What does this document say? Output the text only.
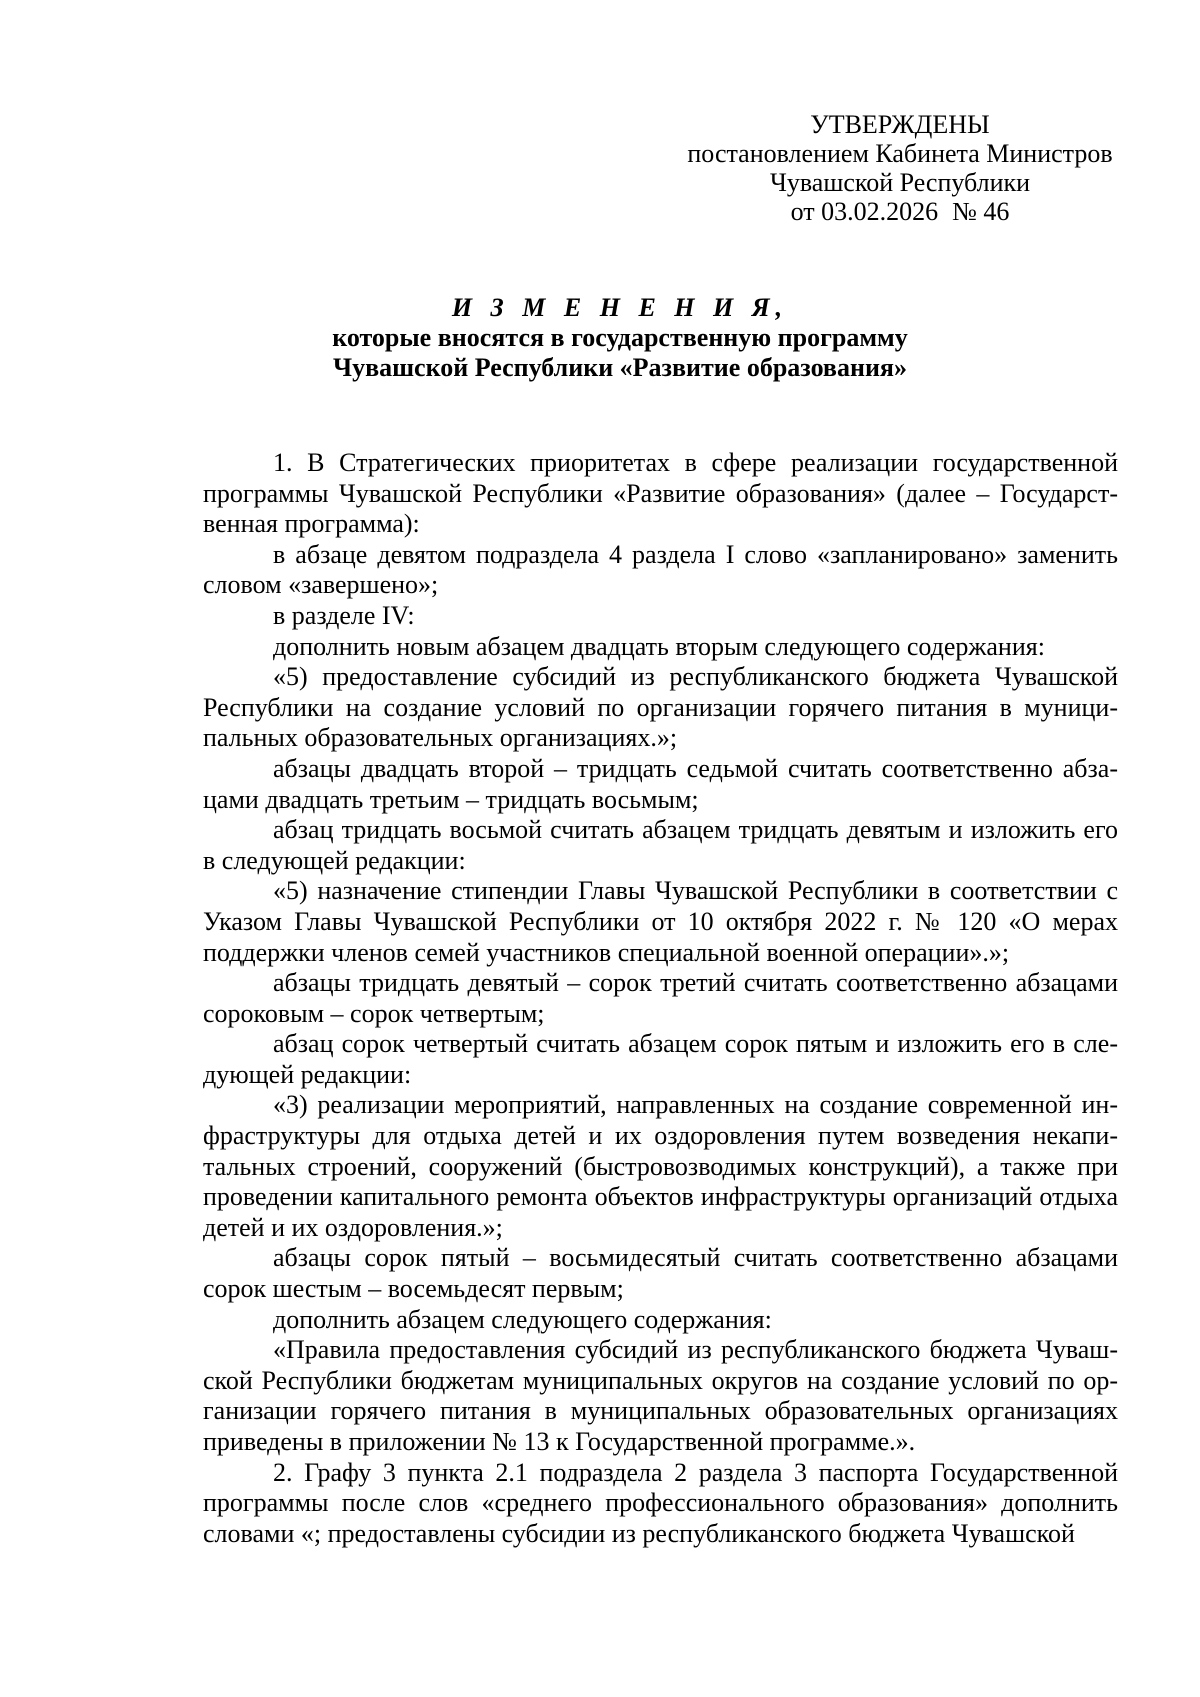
УТВЕРЖДЕНЫ
постановлением Кабинета Министров
Чувашской Республики
от 03.02.2026 № 46
И З М Е Н Е Н И Я,
которые вносятся в государственную программу
Чувашской Республики «Развитие образования»

1. В Стратегических приоритетах в сфере реализации государственной программы Чувашской Республики «Развитие образования» (далее – Государственная программа):

в абзаце девятом подраздела 4 раздела I слово «запланировано» заменить словом «завершено»;

в разделе IV:

дополнить новым абзацем двадцать вторым следующего содержания:

«5) предоставление субсидий из республиканского бюджета Чувашской Республики на создание условий по организации горячего питания в муниципальных образовательных организациях.»;

абзацы двадцать второй – тридцать седьмой считать соответственно абзацами двадцать третьим – тридцать восьмым;

абзац тридцать восьмой считать абзацем тридцать девятым и изложить его в следующей редакции:

«5) назначение стипендии Главы Чувашской Республики в соответствии с Указом Главы Чувашской Республики от 10 октября 2022 г. № 120 «О мерах поддержки членов семей участников специальной военной операции».»;

абзацы тридцать девятый – сорок третий считать соответственно абзацами сороковым – сорок четвертым;

абзац сорок четвертый считать абзацем сорок пятым и изложить его в следующей редакции:

«3) реализации мероприятий, направленных на создание современной инфраструктуры для отдыха детей и их оздоровления путем возведения некапитальных строений, сооружений (быстровозводимых конструкций), а также при проведении капитального ремонта объектов инфраструктуры организаций отдыха детей и их оздоровления.»;

абзацы сорок пятый – восьмидесятый считать соответственно абзацами сорок шестым – восемьдесят первым;

дополнить абзацем следующего содержания:

«Правила предоставления субсидий из республиканского бюджета Чувашской Республики бюджетам муниципальных округов на создание условий по организации горячего питания в муниципальных образовательных организациях приведены в приложении № 13 к Государственной программе.».

2. Графу 3 пункта 2.1 подраздела 2 раздела 3 паспорта Государственной программы после слов «среднего профессионального образования» дополнить словами «; предоставлены субсидии из республиканского бюджета Чувашской
